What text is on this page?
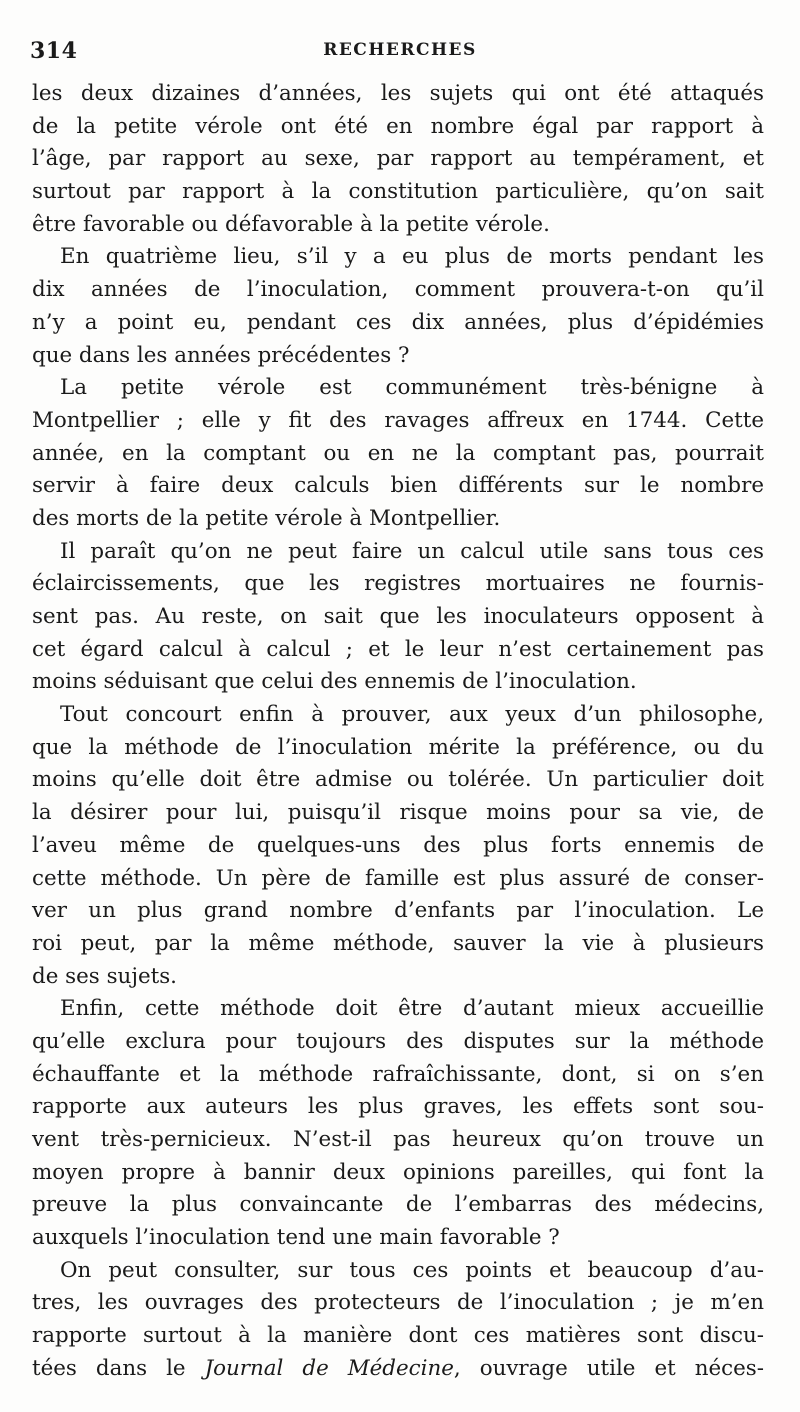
314	RECHERCHES
les deux dizaines d’années, les sujets qui ont été attaqués
de la petite vérole ont été en nombre égal par rapport à
l’âge, par rapport au sexe, par rapport au tempérament, et
surtout par rapport à la constitution particulière, qu’on sait
être favorable ou défavorable à la petite vérole.
En quatrième lieu, s’il y a eu plus de morts pendant les
dix années de l’inoculation, comment prouvera-t-on qu’il
n’y a point eu, pendant ces dix années, plus d’épidémies
que dans les années précédentes ?
La petite vérole est communément très-bénigne à
Montpellier ; elle y fit des ravages affreux en 1744. Cette
année, en la comptant ou en ne la comptant pas, pourrait
servir à faire deux calculs bien différents sur le nombre
des morts de la petite vérole à Montpellier.
Il paraît qu’on ne peut faire un calcul utile sans tous ces
éclaircissements, que les registres mortuaires ne fournis-
sent pas. Au reste, on sait que les inoculateurs opposent à
cet égard calcul à calcul ; et le leur n’est certainement pas
moins séduisant que celui des ennemis de l’inoculation.
Tout concourt enfin à prouver, aux yeux d’un philosophe,
que la méthode de l’inoculation mérite la préférence, ou du
moins qu’elle doit être admise ou tolérée. Un particulier doit
la désirer pour lui, puisqu’il risque moins pour sa vie, de
l’aveu même de quelques-uns des plus forts ennemis de
cette méthode. Un père de famille est plus assuré de conser-
ver un plus grand nombre d’enfants par l’inoculation. Le
roi peut, par la même méthode, sauver la vie à plusieurs
de ses sujets.
Enfin, cette méthode doit être d’autant mieux accueillie
qu’elle exclura pour toujours des disputes sur la méthode
échauffante et la méthode rafraîchissante, dont, si on s’en
rapporte aux auteurs les plus graves, les effets sont sou-
vent très-pernicieux. N’est-il pas heureux qu’on trouve un
moyen propre à bannir deux opinions pareilles, qui font la
preuve la plus convaincante de l’embarras des médecins,
auxquels l’inoculation tend une main favorable ?
On peut consulter, sur tous ces points et beaucoup d’au-
tres, les ouvrages des protecteurs de l’inoculation ; je m’en
rapporte surtout à la manière dont ces matières sont discu-
tées dans le Journal de Médecine, ouvrage utile et néces-
